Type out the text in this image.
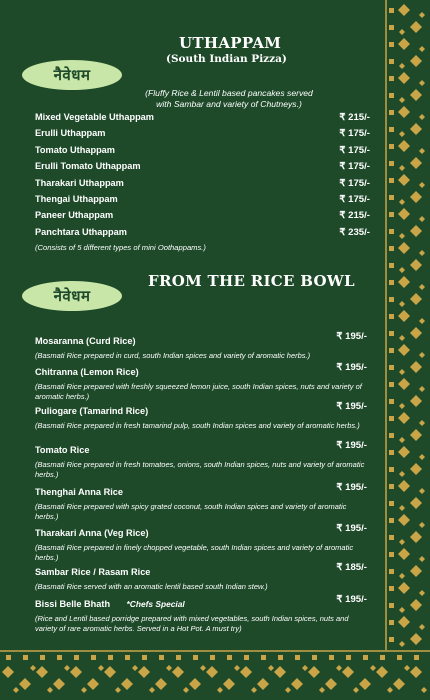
नैवेधम
UTHAPPAM
(South Indian Pizza)
(Fluffy Rice & Lentil based pancakes served
with Sambar and variety of Chutneys.)
Mixed Vegetable Uthappam	₹ 215/-
Erulli Uthappam	₹ 175/-
Tomato Uthappam	₹ 175/-
Erulli Tomato Uthappam	₹ 175/-
Tharakari Uthappam	₹ 175/-
Thengai Uthappam	₹ 175/-
Paneer Uthappam	₹ 215/-
Panchtara Uthappam	₹ 235/-
(Consists of 5 different types of mini Oothappams.)
नैवेधम
FROM THE RICE BOWL
Mosaranna (Curd Rice)	₹ 195/-
(Basmati Rice prepared in curd, south Indian spices and variety of aromatic herbs.)
Chitranna (Lemon Rice)	₹ 195/-
(Basmati Rice prepared with freshly squeezed lemon juice, south Indian spices, nuts and variety of aromatic herbs.)
Puliogare (Tamarind Rice)	₹ 195/-
(Basmati Rice prepared in fresh tamarind pulp, south Indian spices and variety of aromatic herbs.)
Tomato Rice	₹ 195/-
(Basmati Rice prepared in fresh tomatoes, onions, south Indian spices, nuts and variety of aromatic herbs.)
Thenghai Anna Rice	₹ 195/-
(Basmati Rice prepared with spicy grated coconut, south Indian spices and variety of aromatic herbs.)
Tharakari Anna (Veg Rice)	₹ 195/-
(Basmati Rice prepared in finely chopped vegetable, south Indian spices and variety of aromatic herbs.)
Sambar Rice / Rasam Rice	₹ 185/-
(Basmati Rice served with an aromatic lentil based south Indian stew.)
Bissi Belle Bhath *Chefs Special	₹ 195/-
(Rice and Lentil based porridge prepared with mixed vegetables, south Indian spices, nuts and variety of rare aromatic herbs. Served in a Hot Pot. A must try)
